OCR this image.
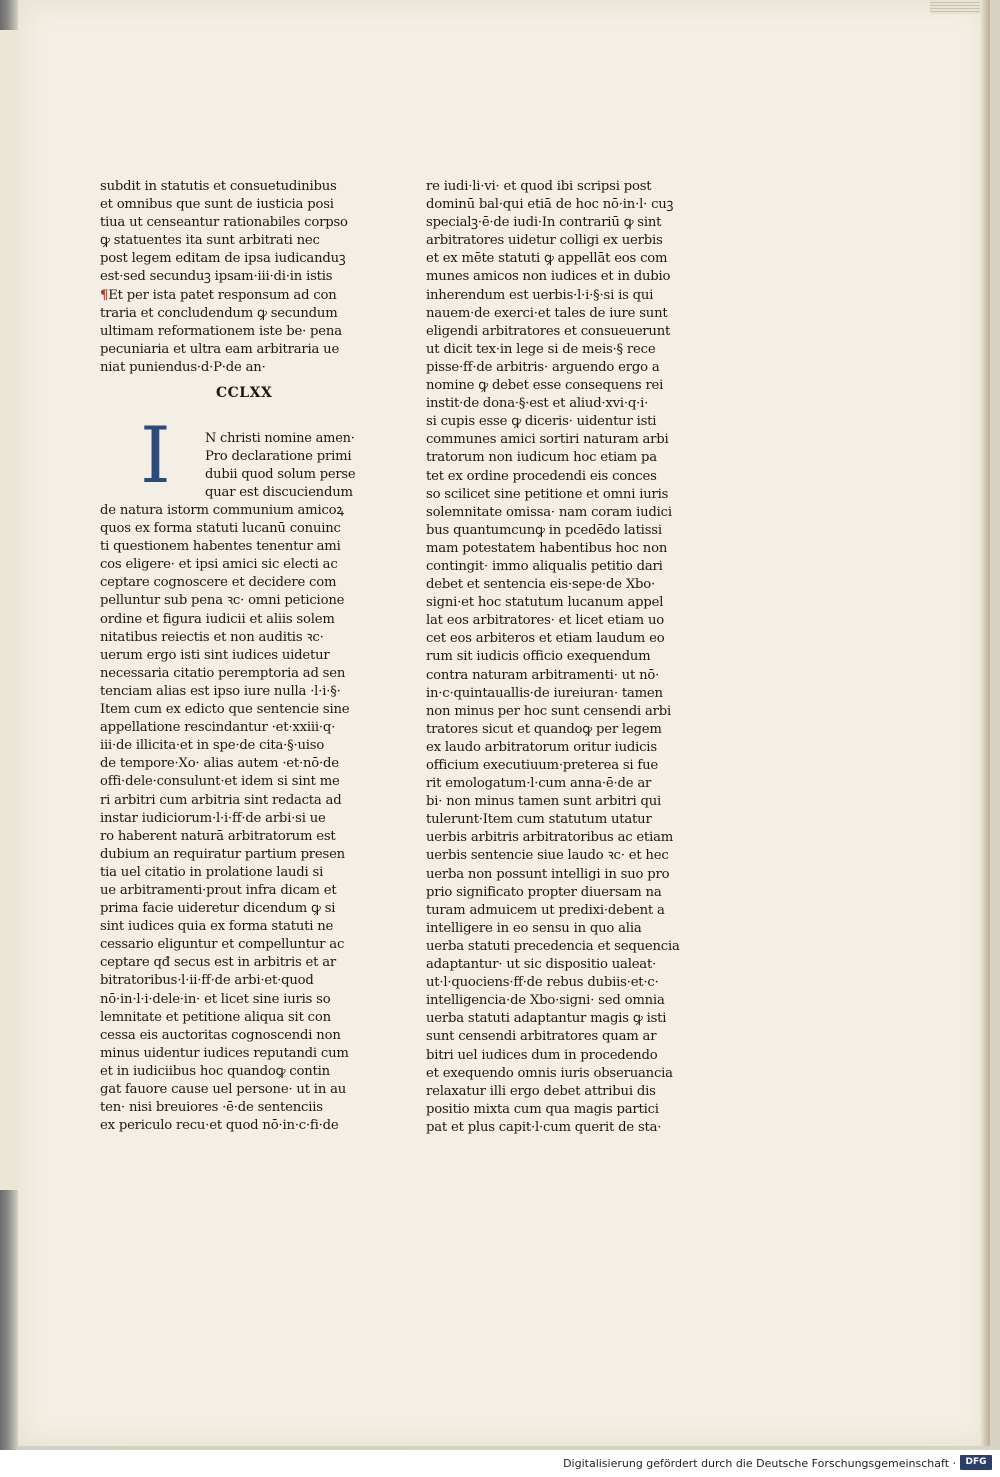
subdit in statutis et consuetudinibus
et omnibus que sunt de iusticia posi
tiua ut censeantur rationabiles corpso
ꝙ statuentes ita sunt arbitrati nec
post legem editam de ipsa iudicanduꝫ
est·sed secunduꝫ ipsam·iii·di·in istis
¶Et per ista patet responsum ad con
traria et concludendum ꝙ secundum
ultimam reformationem iste be· pena
pecuniaria et ultra eam arbitraria ue
niat puniendus·d·P·de an·
CCLXX
I	N christi nomine amen·
Pro declaratione primi
dubii quod solum perse
quar est discuciendum
de natura istorm communium amicoꝝ
quos ex forma statuti lucanū conuinc
ti questionem habentes tenentur ami
cos eligere· et ipsi amici sic electi ac
ceptare cognoscere et decidere com
pelluntur sub pena ꝛc· omni peticione
ordine et figura iudicii et aliis solem
nitatibus reiectis et non auditis ꝛc·
uerum ergo isti sint iudices uidetur
necessaria citatio peremptoria ad sen
tenciam alias est ipso iure nulla ·l·i·§·
Item cum ex edicto que sentencie sine
appellatione rescindantur ·et·xxiii·q·
iii·de illicita·et in spe·de cita·§·uiso
de tempore·Xo· alias autem ·et·nō·de
offi·dele·consulunt·et idem si sint me
ri arbitri cum arbitria sint redacta ad
instar iudiciorum·l·i·ff·de arbi·si ue
ro haberent naturā arbitratorum est
dubium an requiratur partium presen
tia uel citatio in prolatione laudi si
ue arbitramenti·prout infra dicam et
prima facie uideretur dicendum ꝙ si
sint iudices quia ex forma statuti ne
cessario eliguntur et compelluntur ac
ceptare qđ secus est in arbitris et ar
bitratoribus·l·ii·ff·de arbi·et·quod
nō·in·l·i·dele·in· et licet sine iuris so
lemnitate et petitione aliqua sit con
cessa eis auctoritas cognoscendi non
minus uidentur iudices reputandi cum
et in iudiciibus hoc quandoꝙ contin
gat fauore cause uel persone· ut in au
ten· nisi breuiores ·ē·de sentenciis
ex periculo recu·et quod nō·in·c·fi·de
re iudi·li·vi· et quod ibi scripsi post
dominū bal·qui etiā de hoc nō·in·l· cuꝫ
specialꝫ·ē·de iudi·In contrariū ꝙ sint
arbitratores uidetur colligi ex uerbis
et ex mēte statuti ꝙ appellāt eos com
munes amicos non iudices et in dubio
inherendum est uerbis·l·i·§·si is qui
nauem·de exerci·et tales de iure sunt
eligendi arbitratores et consueuerunt
ut dicit tex·in lege si de meis·§ rece
pisse·ff·de arbitris· arguendo ergo a
nomine ꝙ debet esse consequens rei
instit·de dona·§·est et aliud·xvi·q·i·
si cupis esse ꝙ diceris· uidentur isti
communes amici sortiri naturam arbi
tratorum non iudicum hoc etiam pa
tet ex ordine procedendi eis conces
so scilicet sine petitione et omni iuris
solemnitate omissa· nam coram iudici
bus quantumcunꝙ in pcedēdo latissi
mam potestatem habentibus hoc non
contingit· immo aliqualis petitio dari
debet et sentencia eis·sepe·de Xbo·
signi·et hoc statutum lucanum appel
lat eos arbitratores· et licet etiam uo
cet eos arbiteros et etiam laudum eo
rum sit iudicis officio exequendum
contra naturam arbitramenti· ut nō·
in·c·quintauallis·de iureiuran· tamen
non minus per hoc sunt censendi arbi
tratores sicut et quandoꝙ per legem
ex laudo arbitratorum oritur iudicis
officium executiuum·preterea si fue
rit emologatum·l·cum anna·ē·de ar
bi· non minus tamen sunt arbitri qui
tulerunt·Item cum statutum utatur
uerbis arbitris arbitratoribus ac etiam
uerbis sentencie siue laudo ꝛc· et hec
uerba non possunt intelligi in suo pro
prio significato propter diuersam na
turam admuicem ut predixi·debent a
intelligere in eo sensu in quo alia
uerba statuti precedencia et sequencia
adaptantur· ut sic dispositio ualeat·
ut·l·quociens·ff·de rebus dubiis·et·c·
intelligencia·de Xbo·signi· sed omnia
uerba statuti adaptantur magis ꝙ isti
sunt censendi arbitratores quam ar
bitri uel iudices dum in procedendo
et exequendo omnis iuris obseruancia
relaxatur illi ergo debet attribui dis
positio mixta cum qua magis partici
pat et plus capit·l·cum querit de sta·
Digitalisierung gefördert durch die Deutsche Forschungsgemeinschaft ·	DFG
